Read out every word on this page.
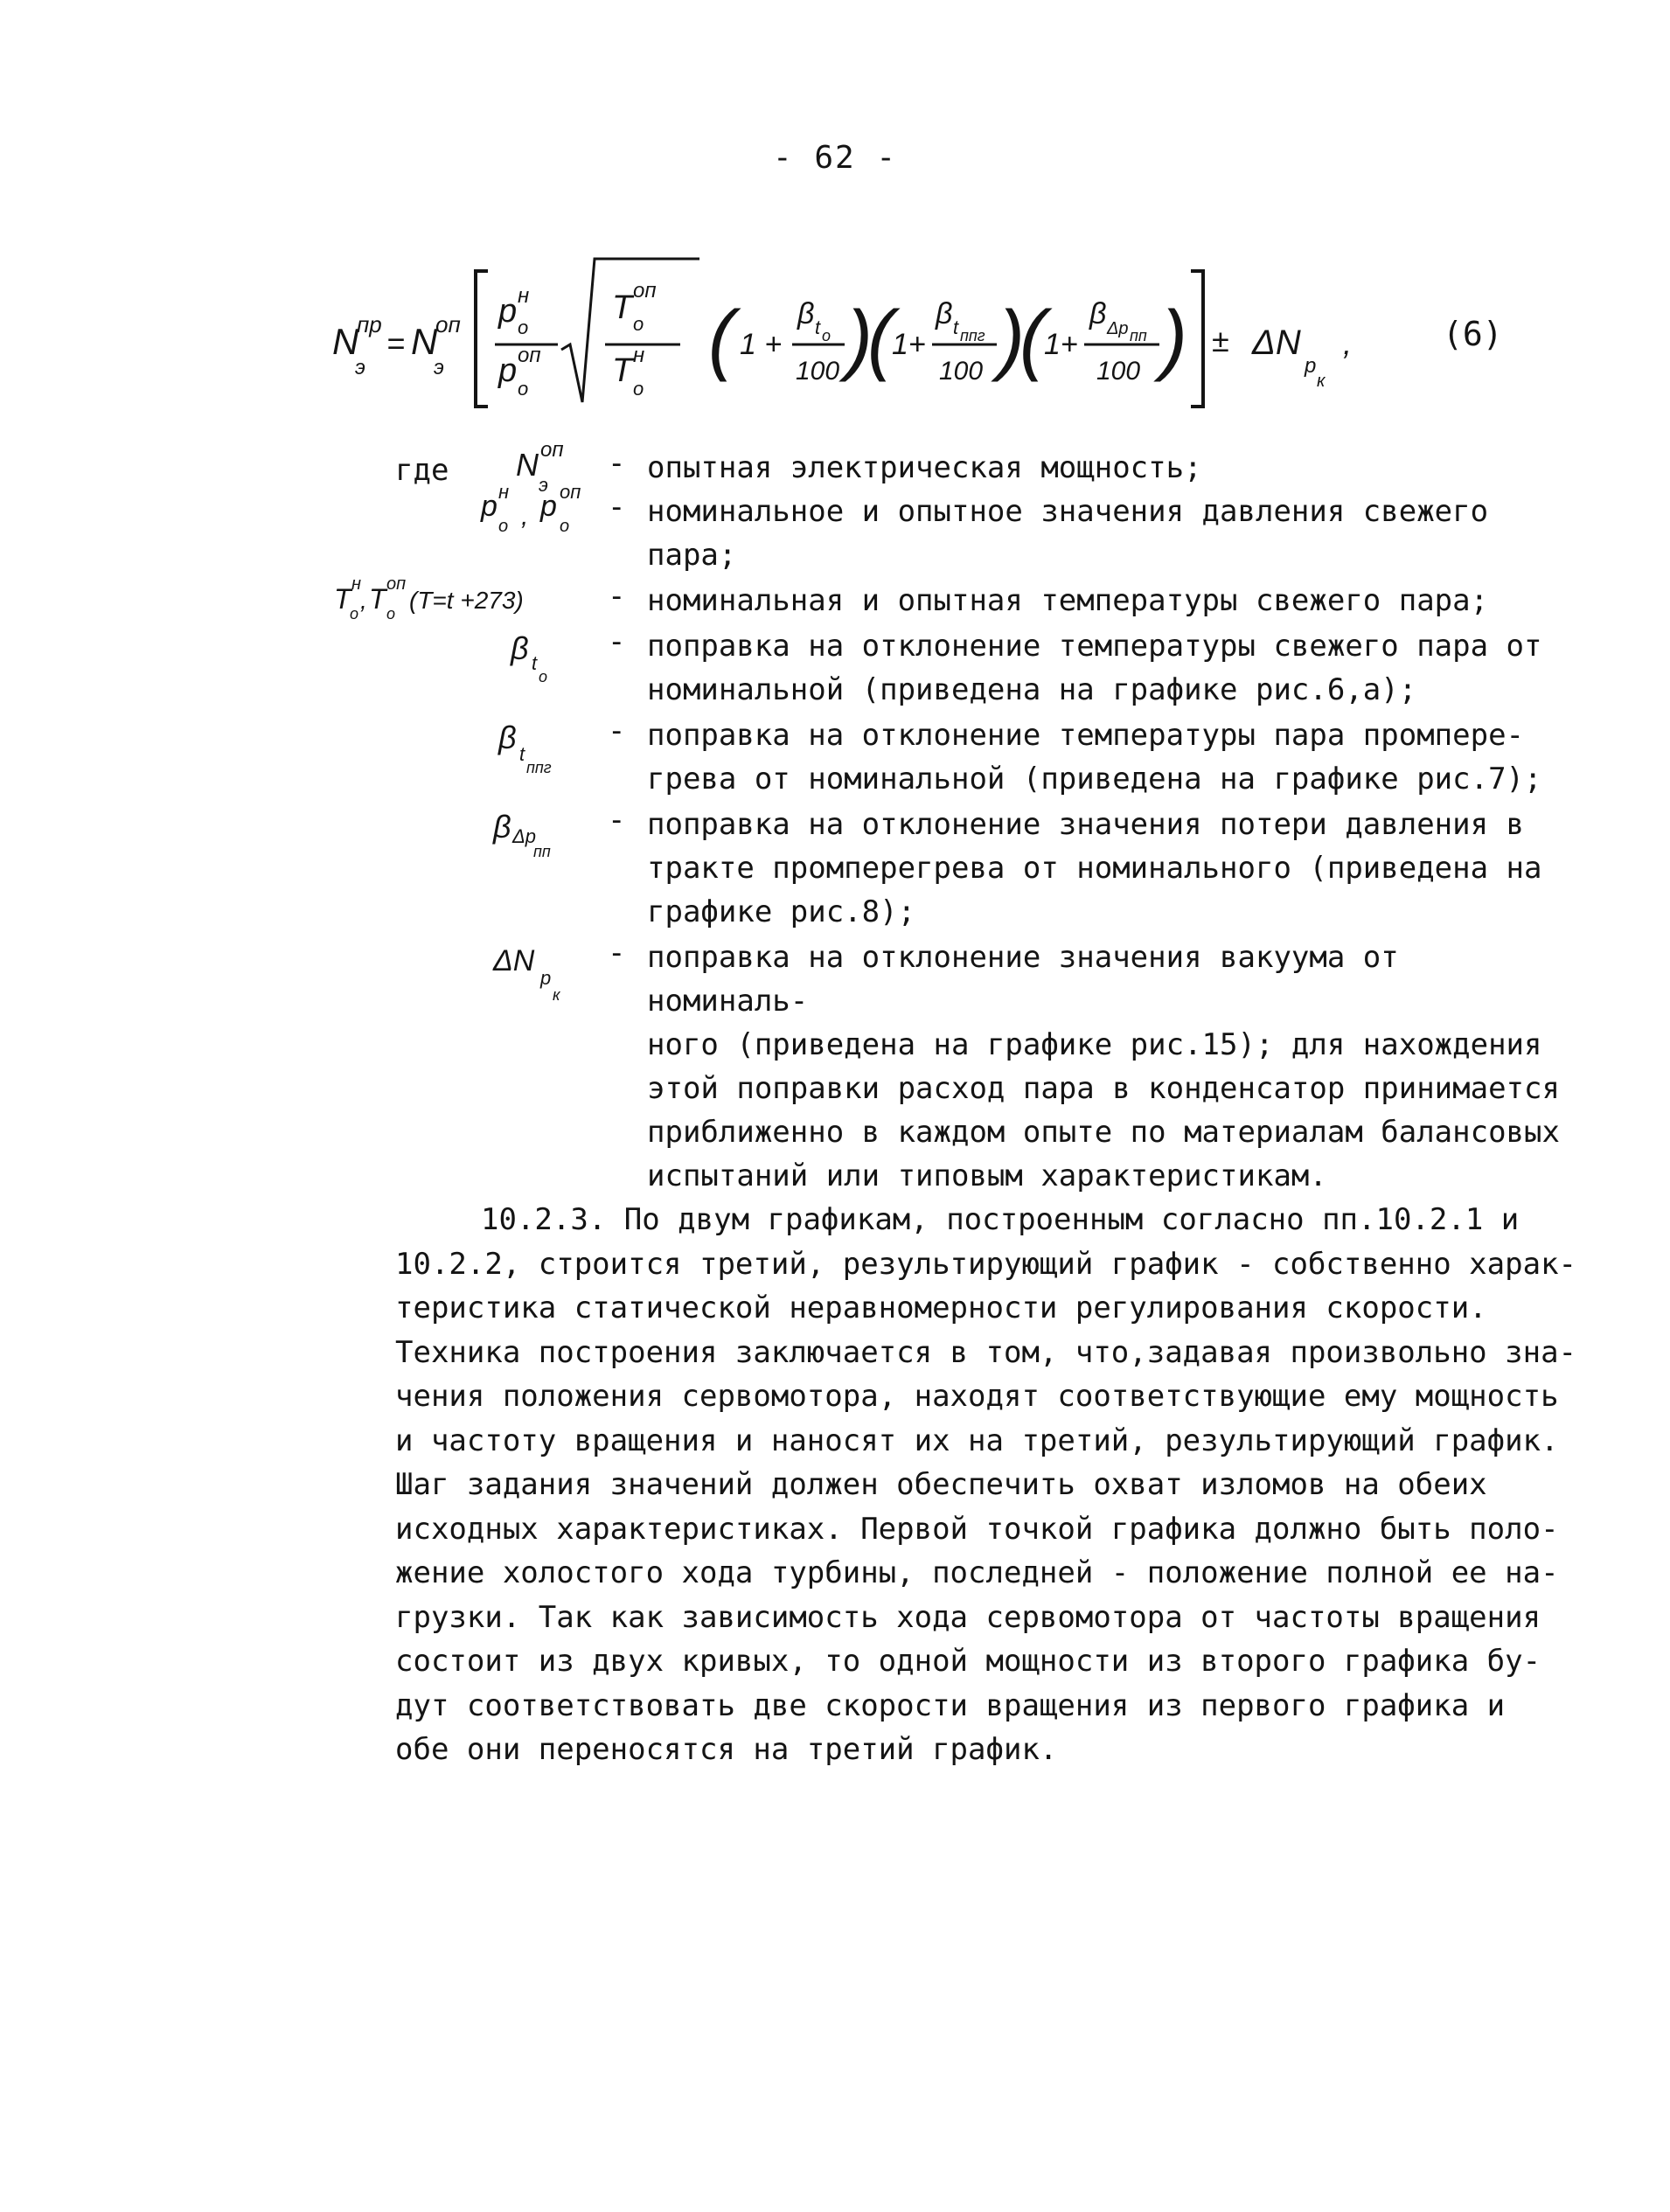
- 62 -
N
пр
э
= N
оп
э
p н
о
p оп
о
T оп
о
T н
о
( 1 +
β t о
100 )
(
1+
β t ппг
100 )
(
1+
β Δp пп
100 ) ± ΔN
p
к
,	(6)
где N оп
э
- опытная электрическая мощность;
p н
о , p оп
о
- номинальное и опытное значения давления свежего
пара;
T н
о , T оп
о (T=t +273)	- номинальная и опытная температуры свежего пара;
β t
о
- поправка на отклонение температуры свежего пара от
номинальной (приведена на графике рис.6,а);
β t
ппг
- поправка на отклонение температуры пара промпере-
грева от номинальной (приведена на графике рис.7);
β Δp
пп
- поправка на отклонение значения потери давления в
тракте промперегрева от номинального (приведена на
графике рис.8);
ΔN
p
к
- поправка на отклонение значения вакуума от номиналь-
ного (приведена на графике рис.15); для нахождения
этой поправки расход пара в конденсатор принимается
приближенно в каждом опыте по материалам балансовых
испытаний или типовым характеристикам.
10.2.3. По двум графикам, построенным согласно пп.10.2.1 и
10.2.2, строится третий, результирующий график - собственно харак-
теристика статической неравномерности регулирования скорости.
Техника построения заключается в том, что,задавая произвольно зна-
чения положения сервомотора, находят соответствующие ему мощность
и частоту вращения и наносят их на третий, результирующий график.
Шаг задания значений должен обеспечить охват изломов на обеих
исходных характеристиках. Первой точкой графика должно быть поло-
жение холостого хода турбины, последней - положение полной ее на-
грузки. Так как зависимость хода сервомотора от частоты вращения
состоит из двух кривых, то одной мощности из второго графика бу-
дут соответствовать две скорости вращения из первого графика и
обе они переносятся на третий график.
